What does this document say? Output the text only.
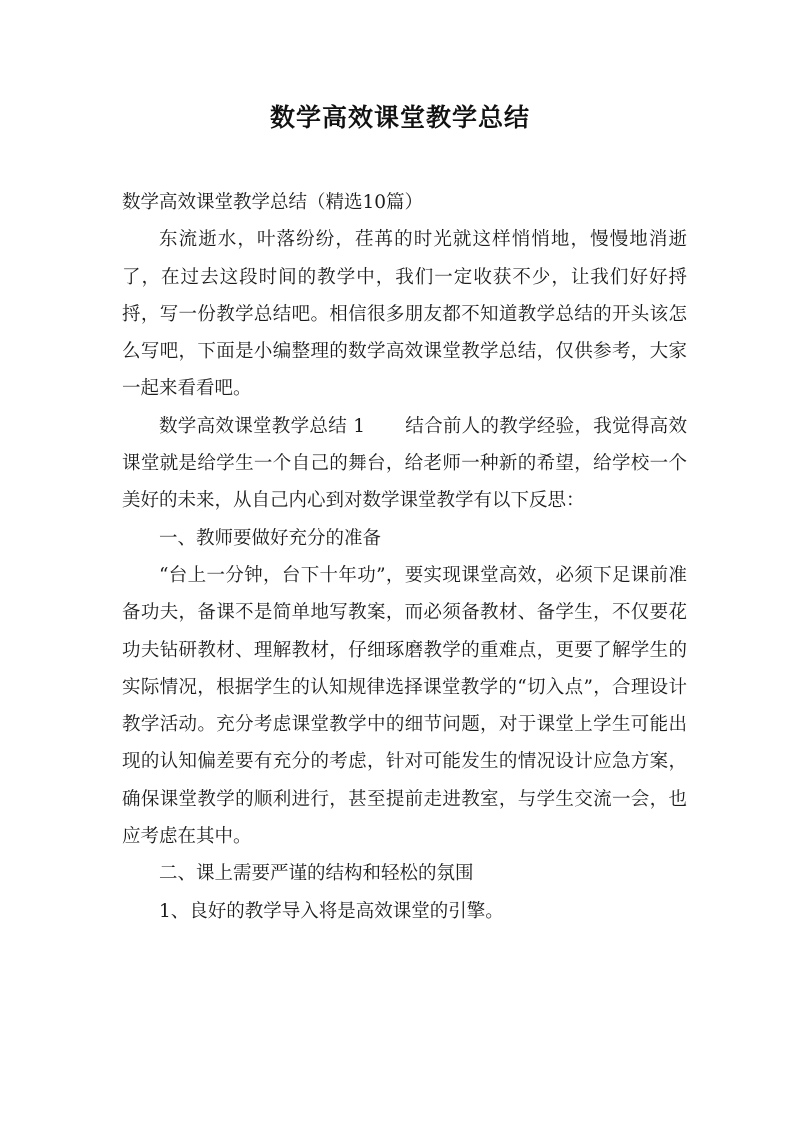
数学高效课堂教学总结

数学高效课堂教学总结（精选10篇）

东流逝水，叶落纷纷，荏苒的时光就这样悄悄地，慢慢地消逝了，在过去这段时间的教学中，我们一定收获不少，让我们好好捋捋，写一份教学总结吧。相信很多朋友都不知道教学总结的开头该怎么写吧，下面是小编整理的数学高效课堂教学总结，仅供参考，大家一起来看看吧。

数学高效课堂教学总结 1 结合前人的教学经验，我觉得高效课堂就是给学生一个自己的舞台，给老师一种新的希望，给学校一个美好的未来，从自己内心到对数学课堂教学有以下反思：

一、教师要做好充分的准备

“台上一分钟，台下十年功”，要实现课堂高效，必须下足课前准备功夫，备课不是简单地写教案，而必须备教材、备学生，不仅要花功夫钻研教材、理解教材，仔细琢磨教学的重难点，更要了解学生的实际情况，根据学生的认知规律选择课堂教学的“切入点”，合理设计教学活动。充分考虑课堂教学中的细节问题，对于课堂上学生可能出现的认知偏差要有充分的考虑，针对可能发生的情况设计应急方案，确保课堂教学的顺利进行，甚至提前走进教室，与学生交流一会，也应考虑在其中。

二、课上需要严谨的结构和轻松的氛围

1、良好的教学导入将是高效课堂的引擎。
